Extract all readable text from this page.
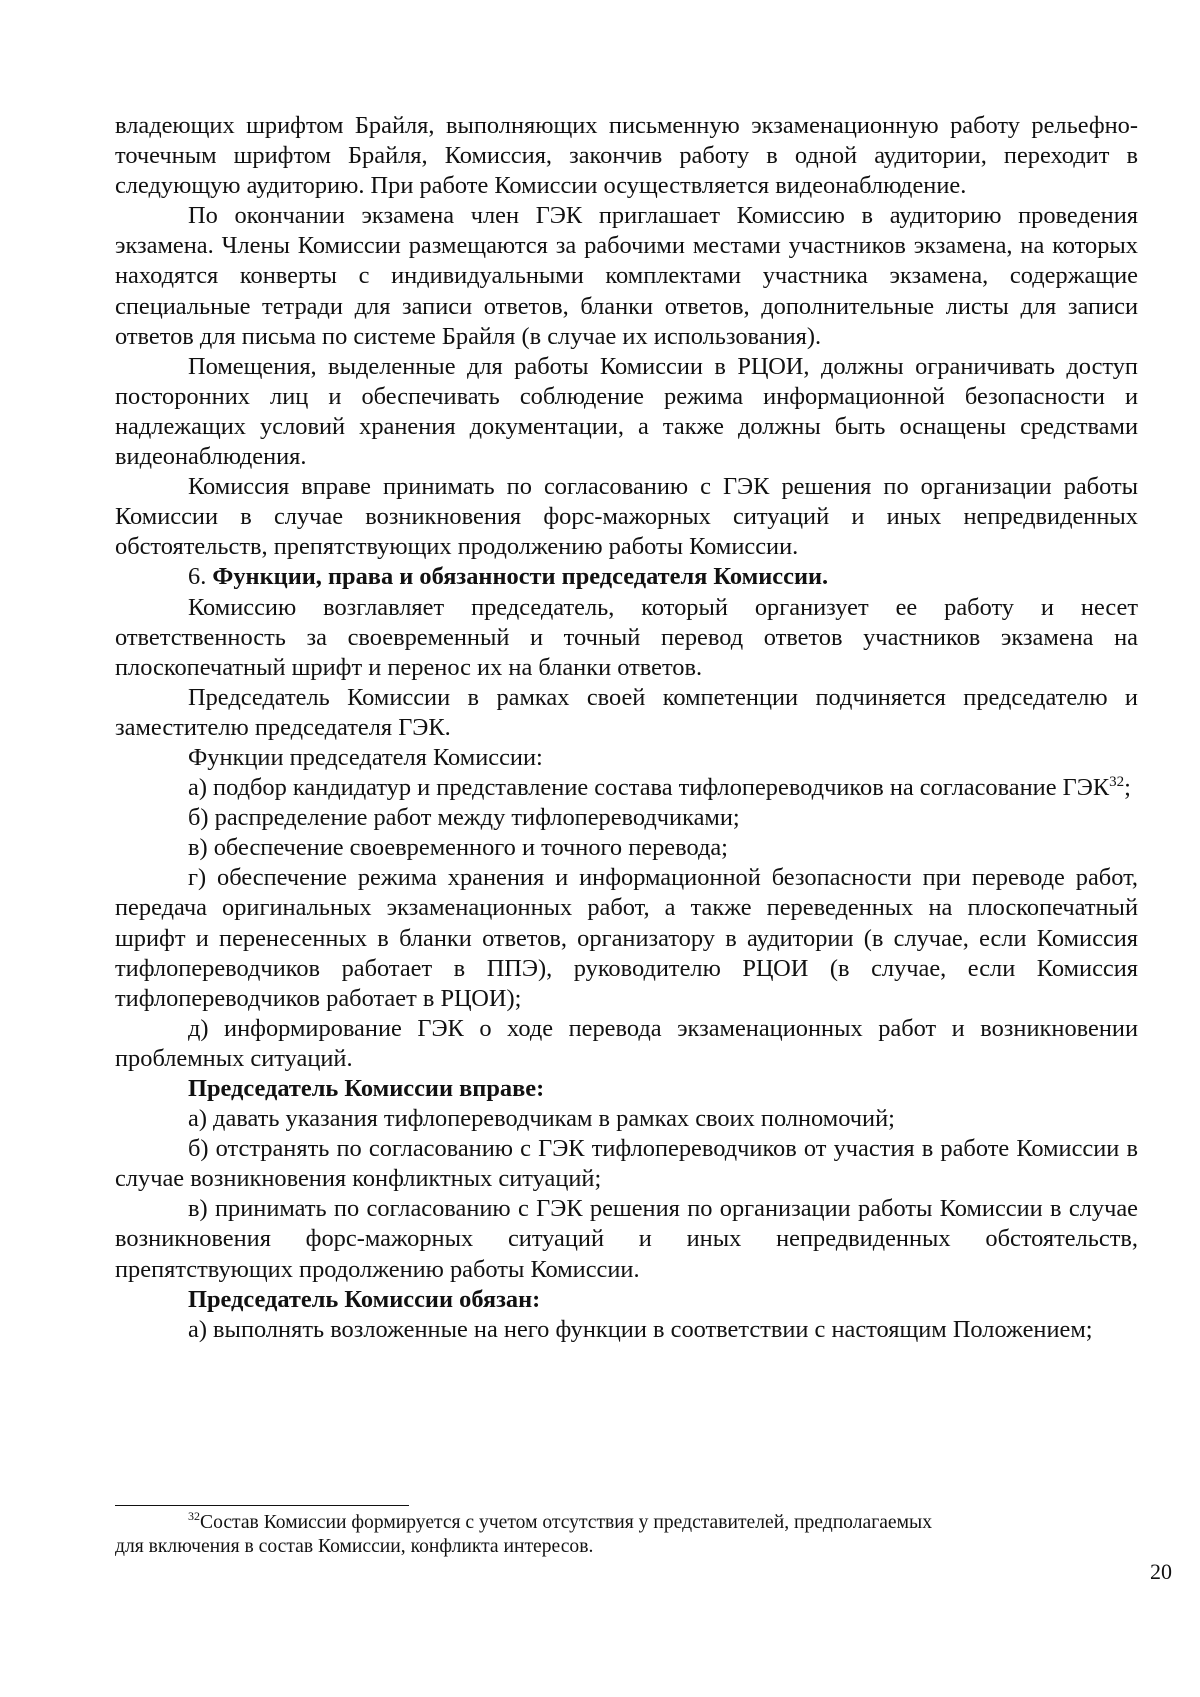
владеющих шрифтом Брайля, выполняющих письменную экзаменационную работу рельефно-точечным шрифтом Брайля, Комиссия, закончив работу в одной аудитории, переходит в следующую аудиторию. При работе Комиссии осуществляется видеонаблюдение.

По окончании экзамена член ГЭК приглашает Комиссию в аудиторию проведения экзамена. Члены Комиссии размещаются за рабочими местами участников экзамена, на которых находятся конверты с индивидуальными комплектами участника экзамена, содержащие специальные тетради для записи ответов, бланки ответов, дополнительные листы для записи ответов для письма по системе Брайля (в случае их использования).

Помещения, выделенные для работы Комиссии в РЦОИ, должны ограничивать доступ посторонних лиц и обеспечивать соблюдение режима информационной безопасности и надлежащих условий хранения документации, а также должны быть оснащены средствами видеонаблюдения.

Комиссия вправе принимать по согласованию с ГЭК решения по организации работы Комиссии в случае возникновения форс-мажорных ситуаций и иных непредвиденных обстоятельств, препятствующих продолжению работы Комиссии.

6. Функции, права и обязанности председателя Комиссии.

Комиссию возглавляет председатель, который организует ее работу и несет ответственность за своевременный и точный перевод ответов участников экзамена на плоскопечатный шрифт и перенос их на бланки ответов.

Председатель Комиссии в рамках своей компетенции подчиняется председателю и заместителю председателя ГЭК.

Функции председателя Комиссии:

а) подбор кандидатур и представление состава тифлопереводчиков на согласование ГЭК$^{32}$;

б) распределение работ между тифлопереводчиками;

в) обеспечение своевременного и точного перевода;

г) обеспечение режима хранения и информационной безопасности при переводе работ, передача оригинальных экзаменационных работ, а также переведенных на плоскопечатный шрифт и перенесенных в бланки ответов, организатору в аудитории (в случае, если Комиссия тифлопереводчиков работает в ППЭ), руководителю РЦОИ (в случае, если Комиссия тифлопереводчиков работает в РЦОИ);

д) информирование ГЭК о ходе перевода экзаменационных работ и возникновении проблемных ситуаций.

Председатель Комиссии вправе:

а) давать указания тифлопереводчикам в рамках своих полномочий;

б) отстранять по согласованию с ГЭК тифлопереводчиков от участия в работе Комиссии в случае возникновения конфликтных ситуаций;

в) принимать по согласованию с ГЭК решения по организации работы Комиссии в случае возникновения форс-мажорных ситуаций и иных непредвиденных обстоятельств, препятствующих продолжению работы Комиссии.

Председатель Комиссии обязан:

а) выполнять возложенные на него функции в соответствии с настоящим Положением;

$^{32}$Состав Комиссии формируется с учетом отсутствия у представителей, предполагаемых
для включения в состав Комиссии, конфликта интересов.
20
